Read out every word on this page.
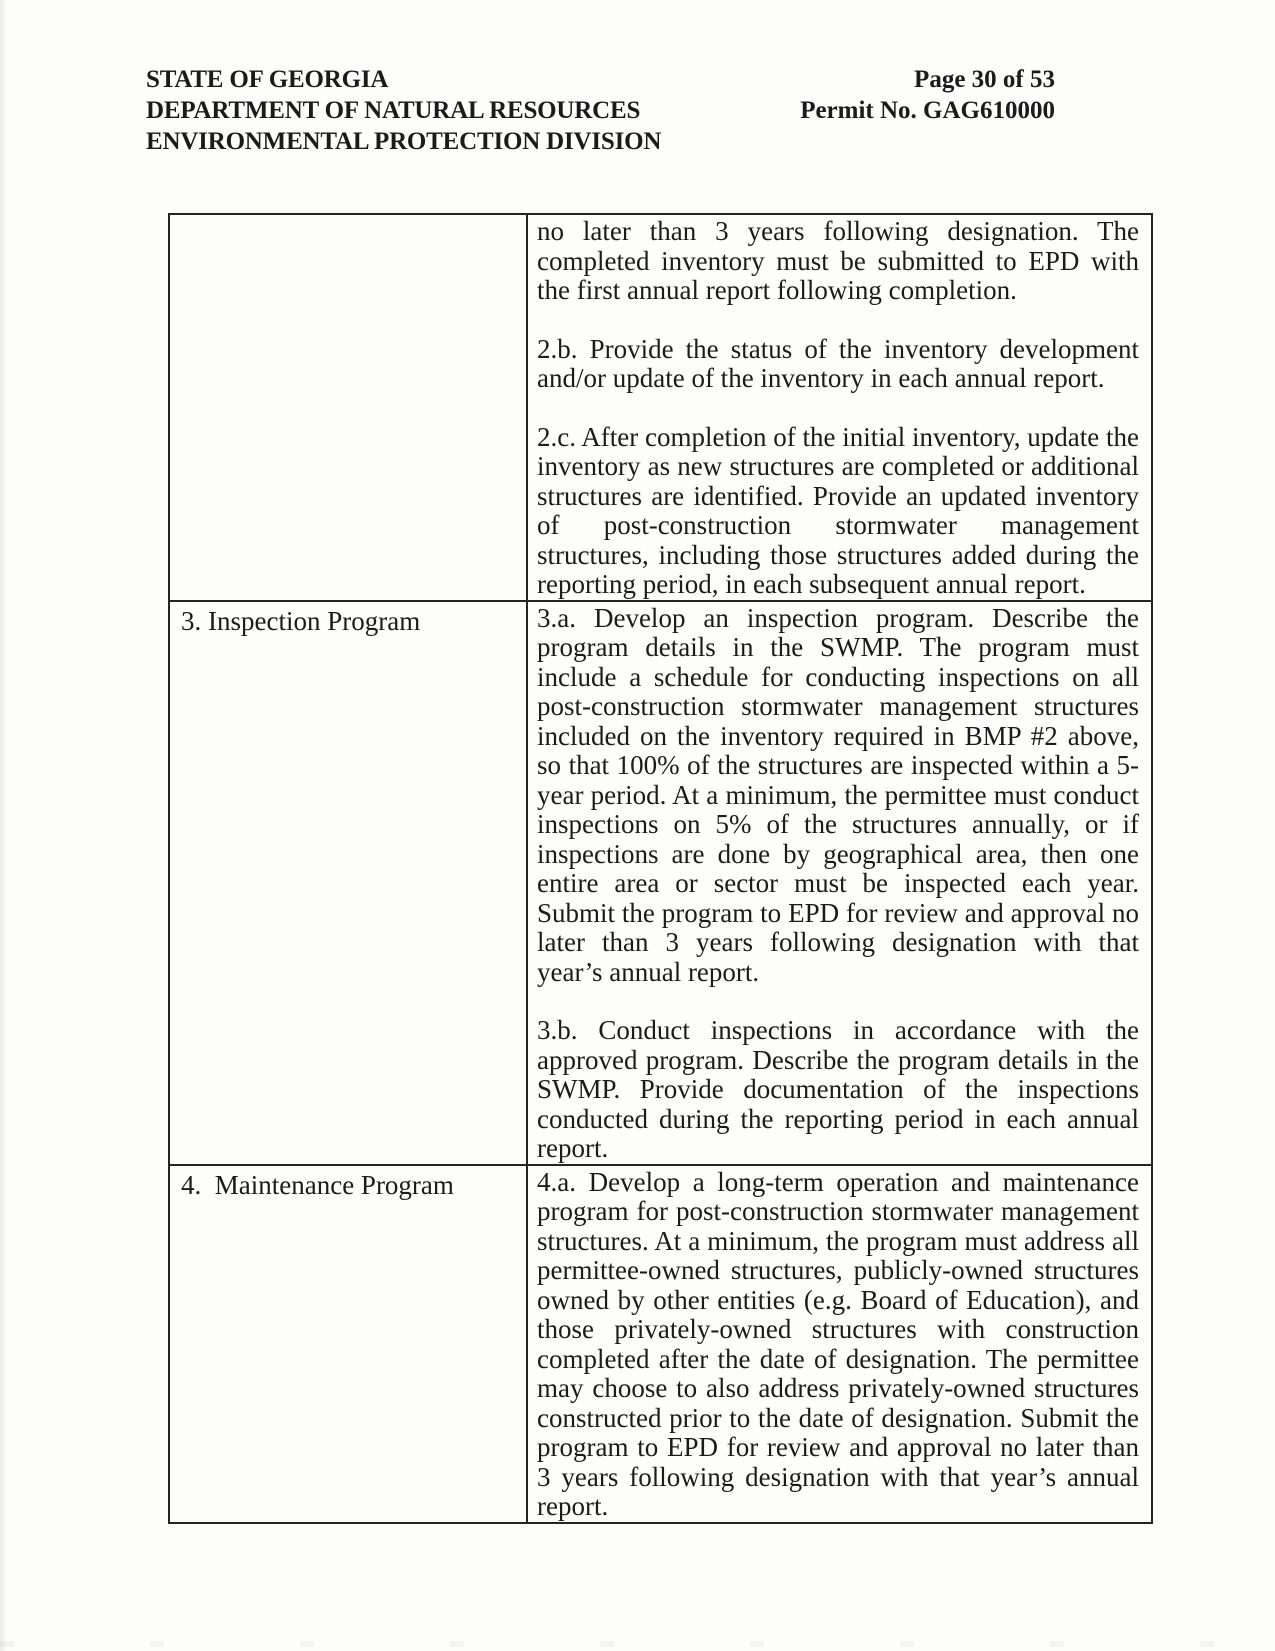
STATE OF GEORGIA
DEPARTMENT OF NATURAL RESOURCES
ENVIRONMENTAL PROTECTION DIVISION
Page 30 of 53
Permit No. GAG610000

	no later than 3 years following designation. The completed inventory must be submitted to EPD with the first annual report following completion.

2.b. Provide the status of the inventory development and/or update of the inventory in each annual report.

2.c. After completion of the initial inventory, update the inventory as new structures are completed or additional structures are identified. Provide an updated inventory of post-construction stormwater management structures, including those structures added during the reporting period, in each subsequent annual report.

3. Inspection Program	3.a. Develop an inspection program. Describe the program details in the SWMP. The program must include a schedule for conducting inspections on all post-construction stormwater management structures included on the inventory required in BMP #2 above, so that 100% of the structures are inspected within a 5-year period. At a minimum, the permittee must conduct inspections on 5% of the structures annually, or if inspections are done by geographical area, then one entire area or sector must be inspected each year. Submit the program to EPD for review and approval no later than 3 years following designation with that year’s annual report.

3.b. Conduct inspections in accordance with the approved program. Describe the program details in the SWMP. Provide documentation of the inspections conducted during the reporting period in each annual report.

4.  Maintenance Program	4.a. Develop a long-term operation and maintenance program for post-construction stormwater management structures. At a minimum, the program must address all permittee-owned structures, publicly-owned structures owned by other entities (e.g. Board of Education), and those privately-owned structures with construction completed after the date of designation. The permittee may choose to also address privately-owned structures constructed prior to the date of designation. Submit the program to EPD for review and approval no later than 3 years following designation with that year’s annual report.
